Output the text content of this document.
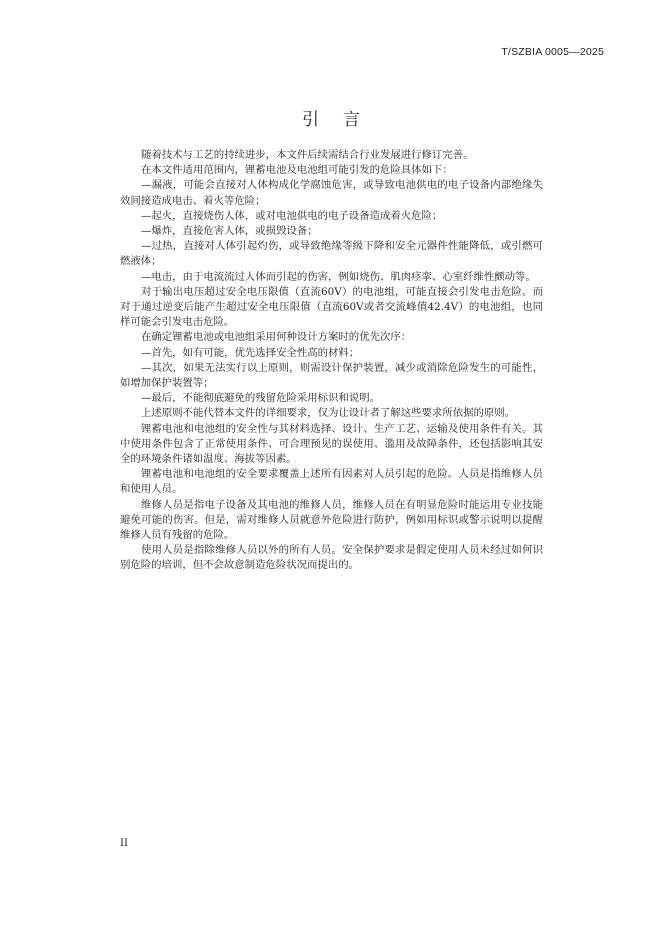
T/SZBIA 0005—2025
引言

随着技术与工艺的持续进步，本文件后续需结合行业发展进行修订完善。

在本文件适用范围内，锂蓄电池及电池组可能引发的危险具体如下：

—漏液，可能会直接对人体构成化学腐蚀危害，或导致电池供电的电子设备内部绝缘失效间接造成电击、着火等危险；

—起火，直接烧伤人体，或对电池供电的电子设备造成着火危险；

—爆炸，直接危害人体，或损毁设备；

—过热，直接对人体引起灼伤，或导致绝缘等级下降和安全元器件性能降低，或引燃可燃液体；

—电击，由于电流流过人体而引起的伤害，例如烧伤、肌肉痉挛、心室纤维性颤动等。

对于输出电压超过安全电压限值（直流60V）的电池组，可能直接会引发电击危险。而对于通过逆变后能产生超过安全电压限值（直流60V或者交流峰值42.4V）的电池组，也同样可能会引发电击危险。

在确定锂蓄电池或电池组采用何种设计方案时的优先次序：

—首先，如有可能，优先选择安全性高的材料；

—其次，如果无法实行以上原则，则需设计保护装置，减少或消除危险发生的可能性，如增加保护装置等；

—最后，不能彻底避免的残留危险采用标识和说明。

上述原则不能代替本文件的详细要求，仅为让设计者了解这些要求所依据的原则。

锂蓄电池和电池组的安全性与其材料选择、设计、生产工艺、运输及使用条件有关。其中使用条件包含了正常使用条件、可合理预见的误使用、滥用及故障条件，还包括影响其安全的环境条件诸如温度、海拔等因素。

锂蓄电池和电池组的安全要求覆盖上述所有因素对人员引起的危险。人员是指维修人员和使用人员。

维修人员是指电子设备及其电池的维修人员，维修人员在有明显危险时能运用专业技能避免可能的伤害。但是，需对维修人员就意外危险进行防护，例如用标识或警示说明以提醒维修人员有残留的危险。

使用人员是指除维修人员以外的所有人员。安全保护要求是假定使用人员未经过如何识别危险的培训，但不会故意制造危险状况而提出的。

II
